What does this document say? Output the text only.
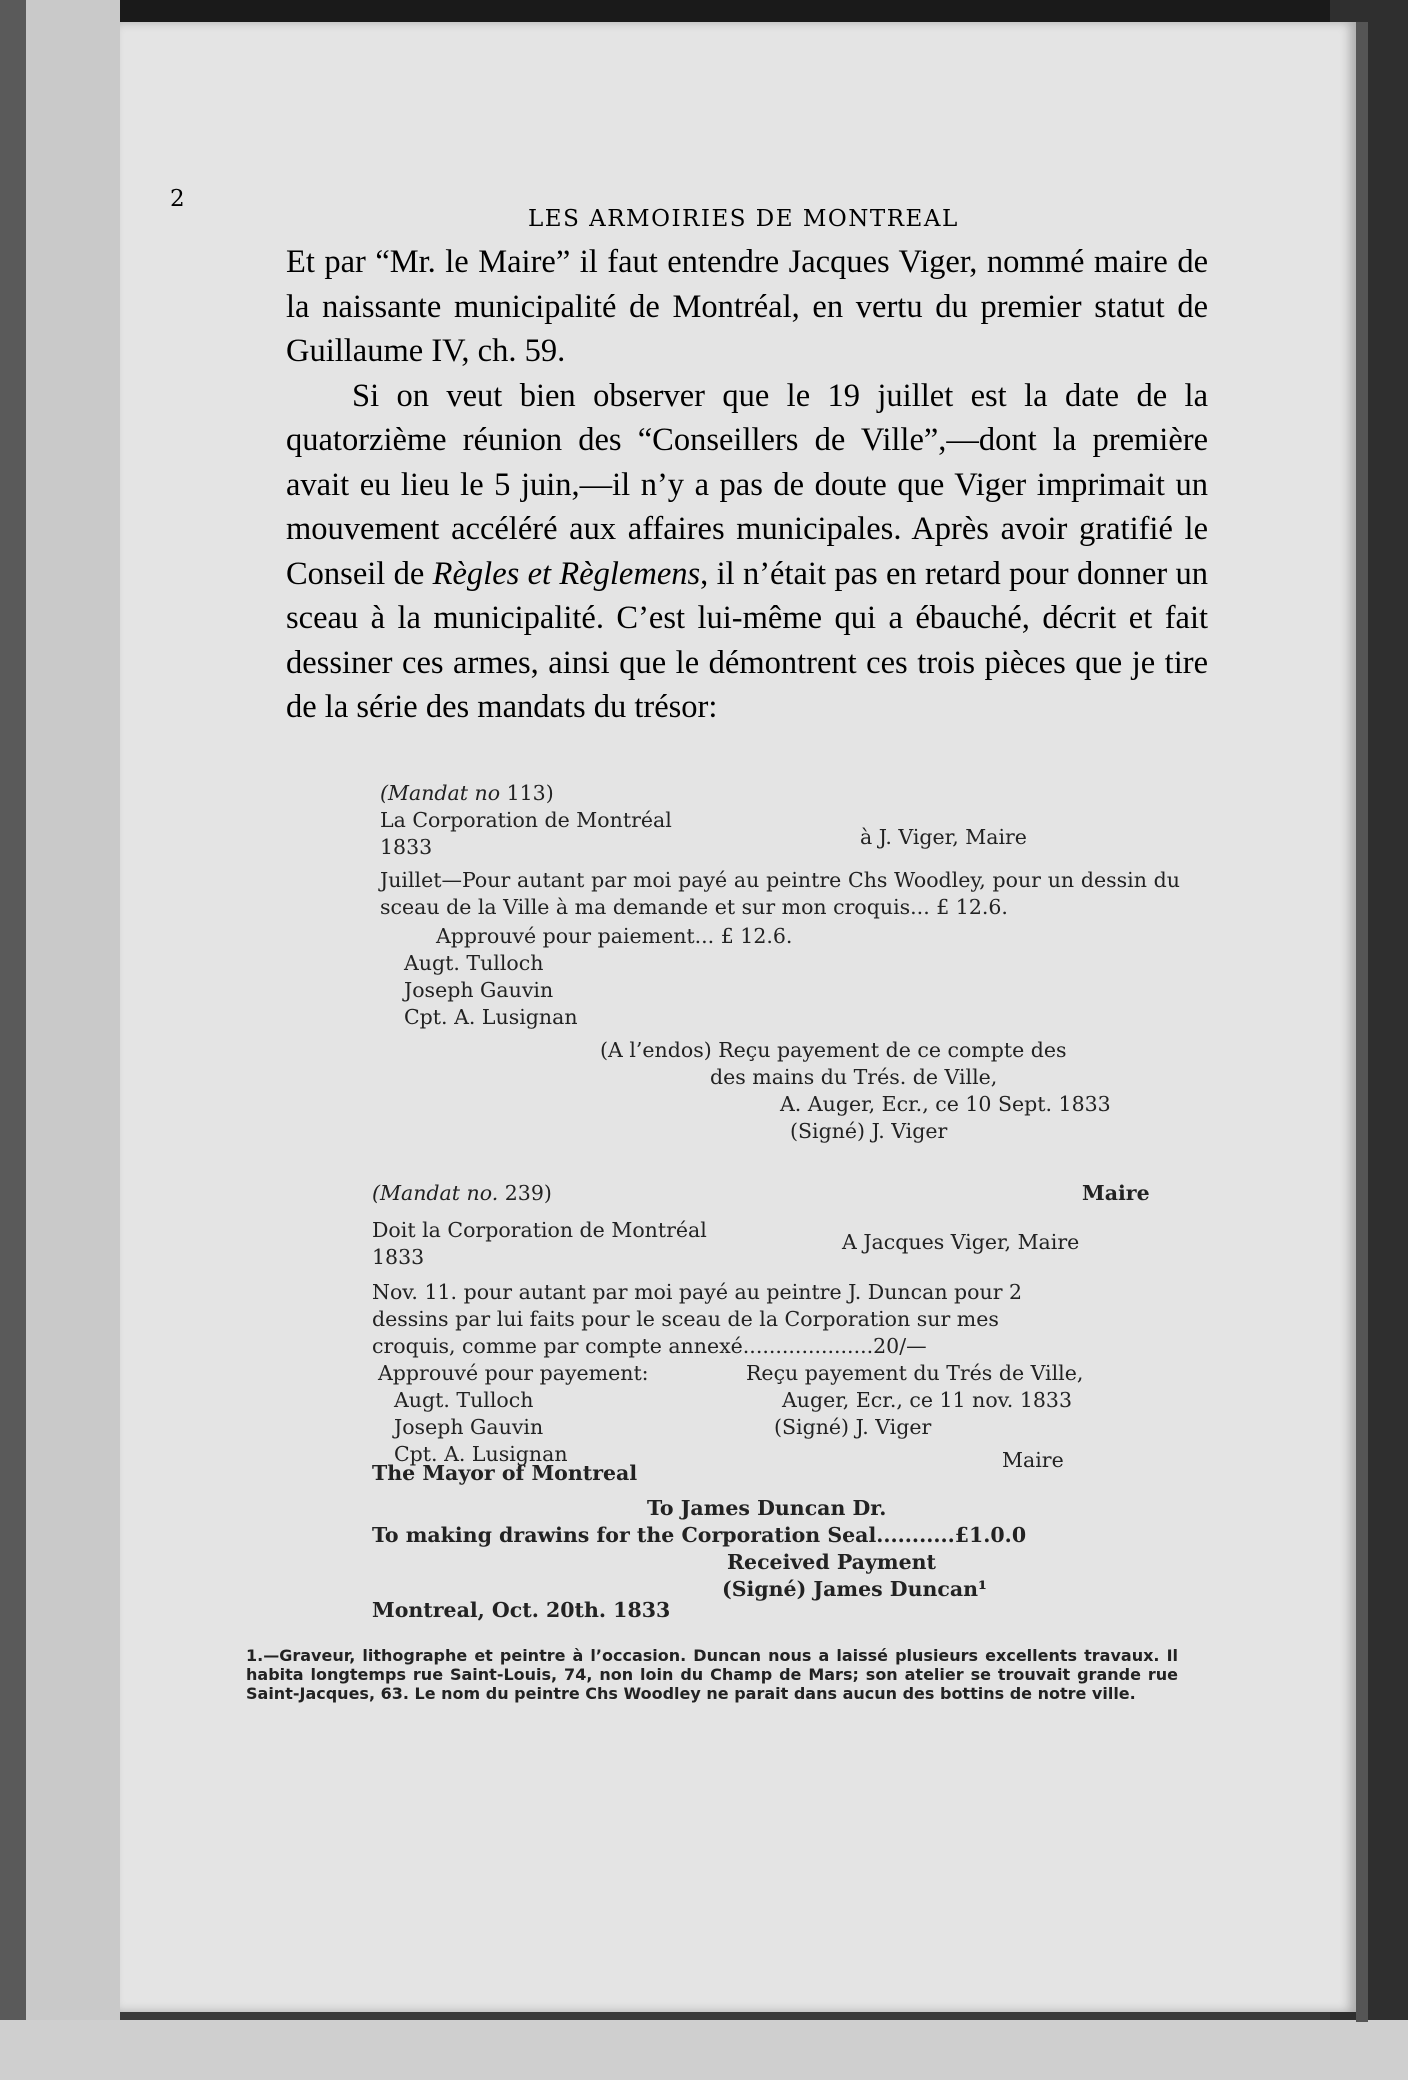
2
LES ARMOIRIES DE MONTREAL

Et par “Mr. le Maire” il faut entendre Jacques Viger, nommé maire de la naissante municipalité de Montréal, en vertu du premier statut de Guillaume IV, ch. 59.

Si on veut bien observer que le 19 juillet est la date de la quatorzième réunion des “Conseillers de Ville”,—dont la première avait eu lieu le 5 juin,—il n’y a pas de doute que Viger imprimait un mouvement accéléré aux affaires municipales. Après avoir gratifié le Conseil de Règles et Règlemens, il n’était pas en retard pour donner un sceau à la municipalité. C’est lui-même qui a ébauché, décrit et fait dessiner ces armes, ainsi que le démontrent ces trois pièces que je tire de la série des mandats du trésor:

(Mandat no 113)
La Corporation de Montréal
1833	à J. Viger, Maire
Juillet—Pour autant par moi payé au peintre Chs Woodley, pour un dessin du sceau de la Ville à ma demande et sur mon croquis... £ 12.6.
Approuvé pour paiement... £ 12.6.
Augt. Tulloch
Joseph Gauvin
Cpt. A. Lusignan
(A l’endos) Reçu payement de ce compte des
des mains du Trés. de Ville,
A. Auger, Ecr., ce 10 Sept. 1833
(Signé) J. Viger
(Mandat no. 239)	Maire
Doit la Corporation de Montréal	A Jacques Viger, Maire
1833
Nov. 11. pour autant par moi payé au peintre J. Duncan pour 2
dessins par lui faits pour le sceau de la Corporation sur mes
croquis, comme par compte annexé....................20/—
Approuvé pour payement:	Reçu payement du Trés de Ville,
Augt. Tulloch	Auger, Ecr., ce 11 nov. 1833
Joseph Gauvin	(Signé) J. Viger
Cpt. A. Lusignan	Maire
The Mayor of Montreal
To James Duncan Dr.
To making drawins for the Corporation Seal...........£1.0.0
Received Payment
(Signé) James Duncan¹
Montreal, Oct. 20th. 1833
1.—Graveur, lithographe et peintre à l’occasion. Duncan nous a laissé plusieurs excellents travaux. Il habita longtemps rue Saint-Louis, 74, non loin du Champ de Mars; son atelier se trouvait grande rue Saint-Jacques, 63. Le nom du peintre Chs Woodley ne parait dans aucun des bottins de notre ville.
